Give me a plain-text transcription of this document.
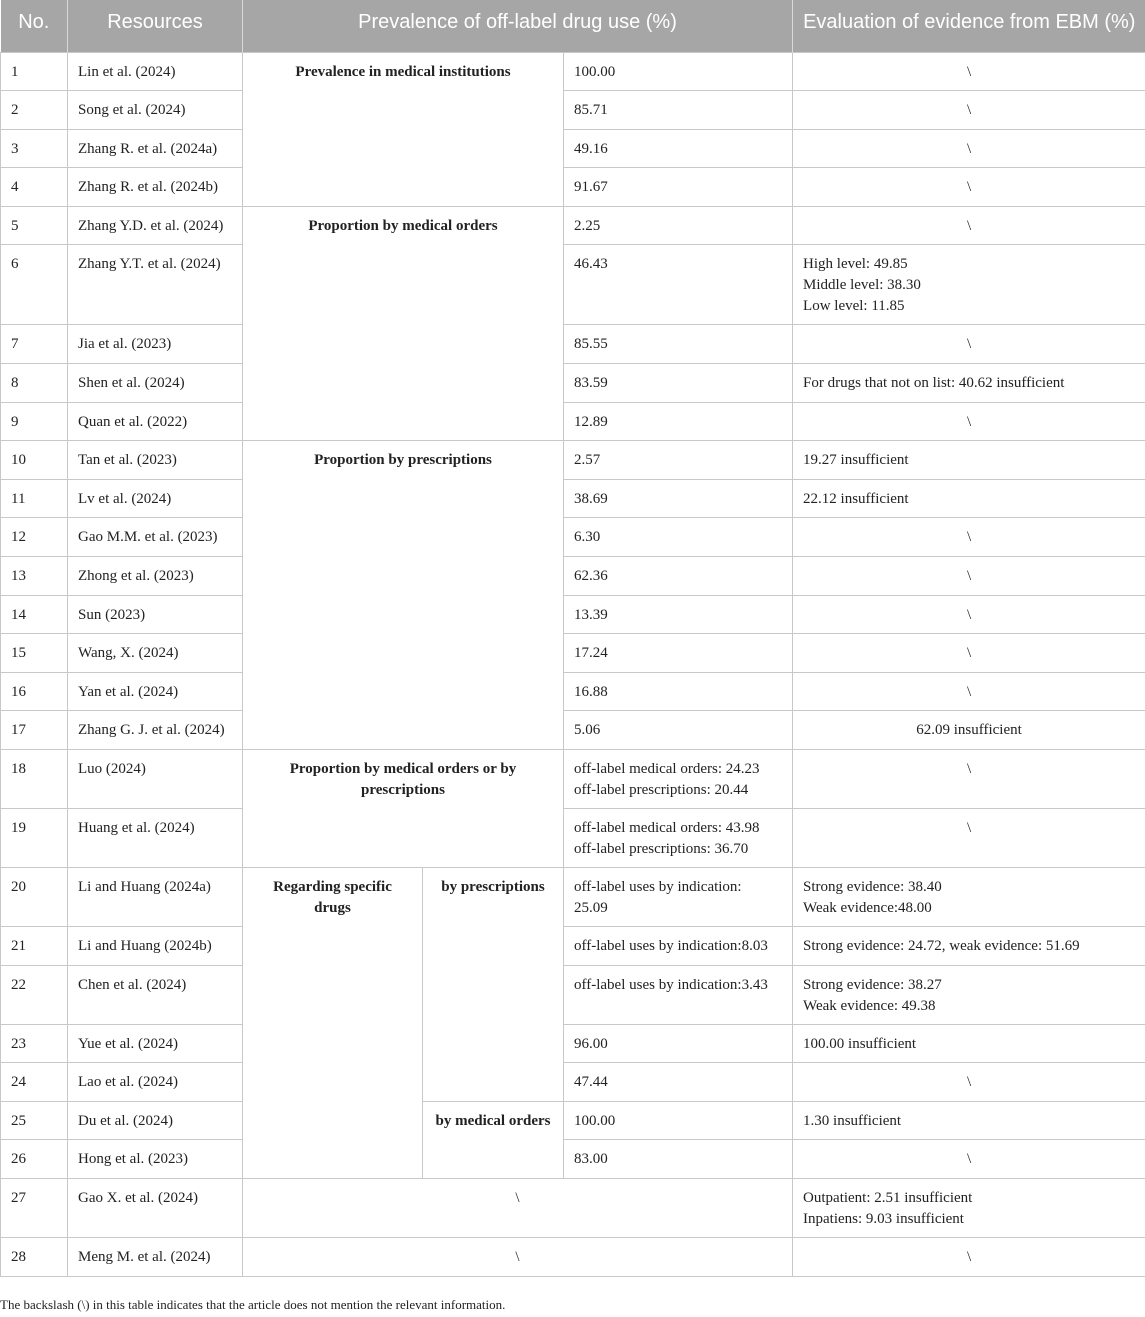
No.	Resources	Prevalence of off-label drug use (%)			Evaluation of evidence from EBM (%)
1	Lin et al. (2024)	Prevalence in medical institutions		100.00	\
2	Song et al. (2024)			85.71	\
3	Zhang R. et al. (2024a)			49.16	\
4	Zhang R. et al. (2024b)			91.67	\
5	Zhang Y.D. et al. (2024)	Proportion by medical orders		2.25	\
6	Zhang Y.T. et al. (2024)			46.43	High level: 49.85
Middle level: 38.30
Low level: 11.85
7	Jia et al. (2023)			85.55	\
8	Shen et al. (2024)			83.59	For drugs that not on list: 40.62 insufficient
9	Quan et al. (2022)			12.89	\
10	Tan et al. (2023)	Proportion by prescriptions		2.57	19.27 insufficient
11	Lv et al. (2024)			38.69	22.12 insufficient
12	Gao M.M. et al. (2023)			6.30	\
13	Zhong et al. (2023)			62.36	\
14	Sun (2023)			13.39	\
15	Wang, X. (2024)			17.24	\
16	Yan et al. (2024)			16.88	\
17	Zhang G. J. et al. (2024)			5.06	62.09 insufficient
18	Luo (2024)	Proportion by medical orders or by prescriptions		off-label medical orders: 24.23
off-label prescriptions: 20.44	\
19	Huang et al. (2024)			off-label medical orders: 43.98
off-label prescriptions: 36.70	\
20	Li and Huang (2024a)	Regarding specific drugs	by prescriptions	off-label uses by indication:
25.09	Strong evidence: 38.40
Weak evidence:48.00
21	Li and Huang (2024b)			off-label uses by indication:8.03	Strong evidence: 24.72, weak evidence: 51.69
22	Chen et al. (2024)			off-label uses by indication:3.43	Strong evidence: 38.27
Weak evidence: 49.38
23	Yue et al. (2024)			96.00	100.00 insufficient
24	Lao et al. (2024)			47.44	\
25	Du et al. (2024)		by medical orders	100.00	1.30 insufficient
26	Hong et al. (2023)			83.00	\
27	Gao X. et al. (2024)	\			Outpatient: 2.51 insufficient
Inpatiens: 9.03 insufficient
28	Meng M. et al. (2024)	\			\
The backslash (\) in this table indicates that the article does not mention the relevant information.
